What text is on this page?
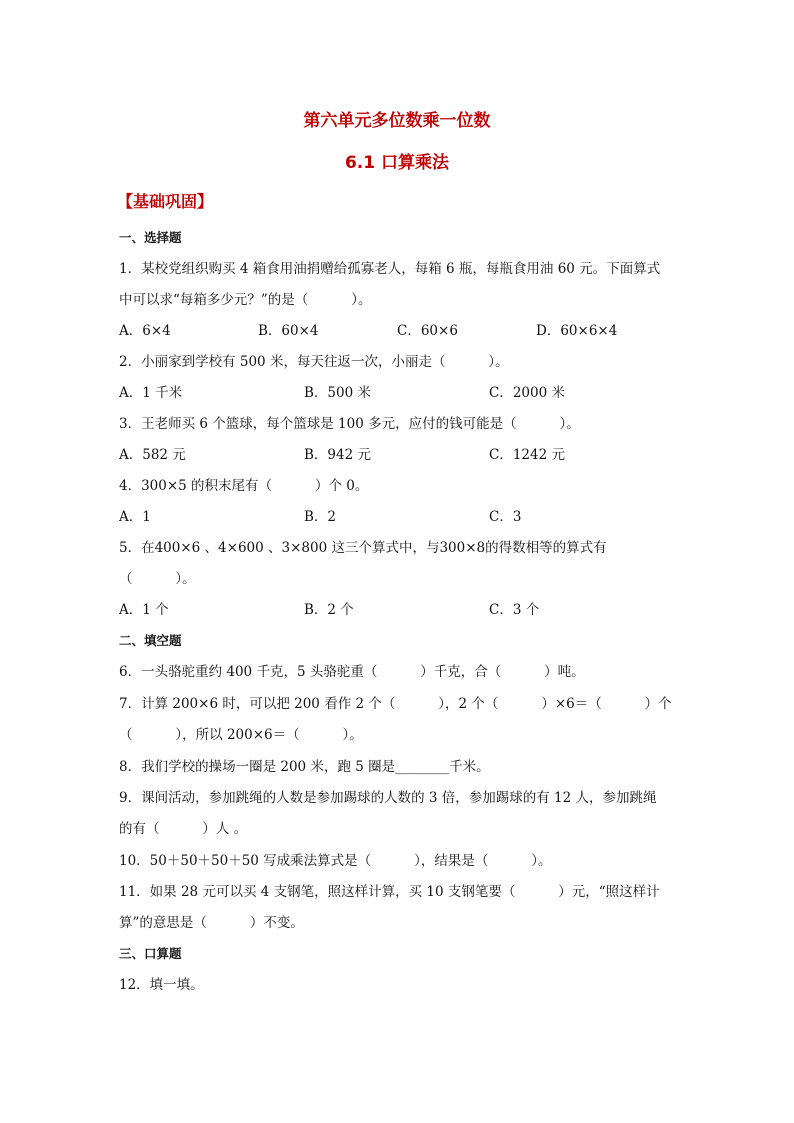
第六单元多位数乘一位数
6.1 口算乘法
【基础巩固】
一、选择题
1．某校党组织购买 4 箱食用油捐赠给孤寡老人，每箱 6 瓶，每瓶食用油 60 元。下面算式
中可以求“每箱多少元？”的是（          ）。
A．6×4	B．60×4	C．60×6	D．60×6×4
2．小丽家到学校有 500 米，每天往返一次，小丽走（          ）。
A．1 千米	B．500 米	C．2000 米
3．王老师买 6 个篮球，每个篮球是 100 多元，应付的钱可能是（          ）。
A．582 元	B．942 元	C．1242 元
4．300×5 的积末尾有（          ）个 0。
A．1	B．2	C．3
5．在400×6 、4×600 、3×800 这三个算式中，与300×8的得数相等的算式有
（          ）。
A．1 个	B．2 个	C．3 个
二、填空题
6．一头骆驼重约 400 千克，5 头骆驼重（          ）千克，合（          ）吨。
7．计算 200×6 时，可以把 200 看作 2 个（          ），2 个（          ）×6＝（          ）个
（          ），所以 200×6＝（          ）。
8．我们学校的操场一圈是 200 米，跑 5 圈是________千米。
9．课间活动，参加跳绳的人数是参加踢球的人数的 3 倍，参加踢球的有 12 人，参加跳绳
的有（          ）人 。
10．50＋50＋50＋50 写成乘法算式是（          ），结果是（          ）。
11．如果 28 元可以买 4 支钢笔，照这样计算，买 10 支钢笔要（          ）元，“照这样计
算”的意思是（          ）不变。
三、口算题
12．填一填。
